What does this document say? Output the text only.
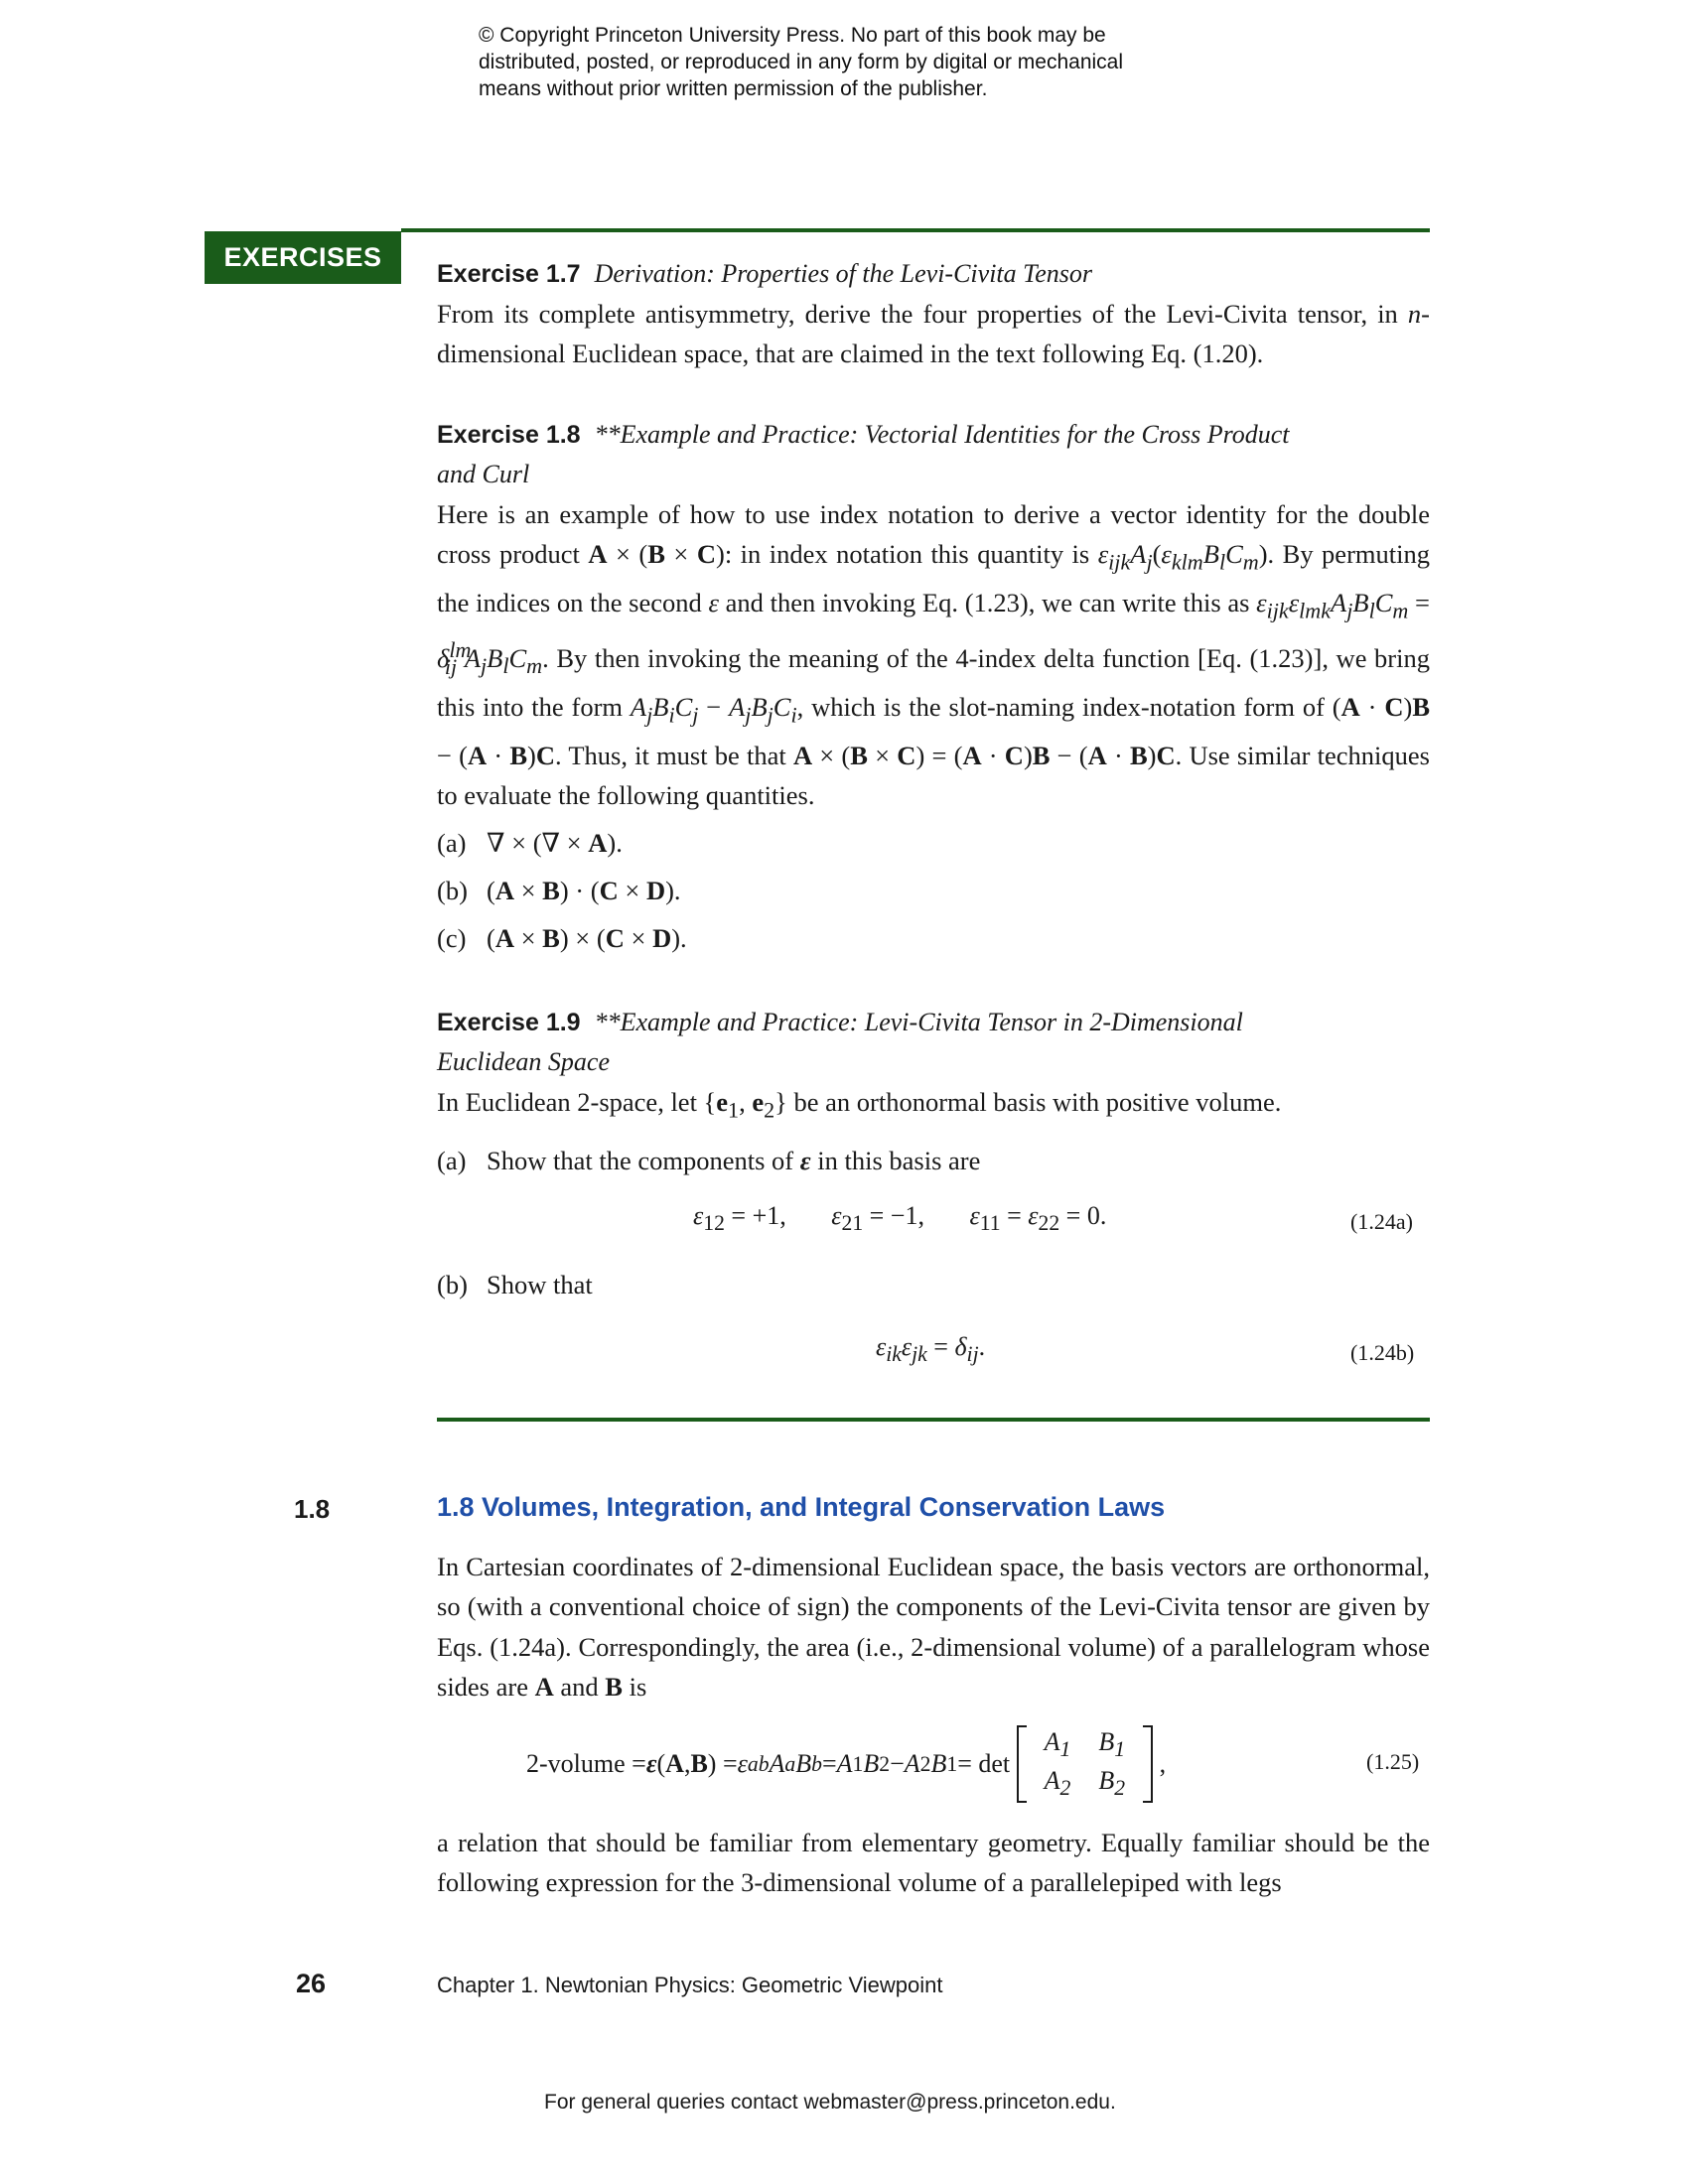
© Copyright Princeton University Press. No part of this book may be
distributed, posted, or reproduced in any form by digital or mechanical
means without prior written permission of the publisher.
EXERCISES
Exercise 1.7 Derivation: Properties of the Levi-Civita Tensor

From its complete antisymmetry, derive the four properties of the Levi-Civita tensor, in n-dimensional Euclidean space, that are claimed in the text following Eq. (1.20).

Exercise 1.8 **Example and Practice: Vectorial Identities for the Cross Product
and Curl

Here is an example of how to use index notation to derive a vector identity for the double cross product A × (B × C): in index notation this quantity is $\varepsilon_{ijk}A_j(\varepsilon_{klm}B_lC_m)$. By permuting the indices on the second ε and then invoking Eq. (1.23), we can write this as $\varepsilon_{ijk}\varepsilon_{lmk}A_jB_lC_m = \delta^{lm}_{ij}$ $A_jB_lC_m$. By then invoking the meaning of the 4-index delta function [Eq. (1.23)], we bring this into the form $A_jB_iC_j - A_jB_jC_i$, which is the slot-naming index-notation form of (A · C)B − (A · B)C. Thus, it must be that A × (B × C) = (A · C)B − (A · B)C. Use similar techniques to evaluate the following quantities.

(a) ∇ × (∇ × A).
(b) (A × B) · (C × D).
(c) (A × B) × (C × D).
Exercise 1.9 **Example and Practice: Levi-Civita Tensor in 2-Dimensional
Euclidean Space

In Euclidean 2-space, let {$e_1$, $e_2$} be an orthonormal basis with positive volume.

(a) Show that the components of ε in this basis are
$\varepsilon_{12} = +1$,       $\varepsilon_{21} = -1$,       $\varepsilon_{11} = \varepsilon_{22} = 0$.	(1.24a)
(b) Show that
$\varepsilon_{ik}\varepsilon_{jk} = \delta_{ij}$.	(1.24b)
1.8	1.8 Volumes, Integration, and Integral Conservation Laws

In Cartesian coordinates of 2-dimensional Euclidean space, the basis vectors are orthonormal, so (with a conventional choice of sign) the components of the Levi-Civita tensor are given by Eqs. (1.24a). Correspondingly, the area (i.e., 2-dimensional volume) of a parallelogram whose sides are A and B is

2-volume = ε ( A , B ) = ε ab A a B b = A 1 B 2 − A 2 B 1 = det

$A_1$	$B_1$
$A_2$	$B_2$
,	(1.25)

a relation that should be familiar from elementary geometry. Equally familiar should be the following expression for the 3-dimensional volume of a parallelepiped with legs

26	Chapter 1. Newtonian Physics: Geometric Viewpoint
For general queries contact webmaster@press.princeton.edu.
